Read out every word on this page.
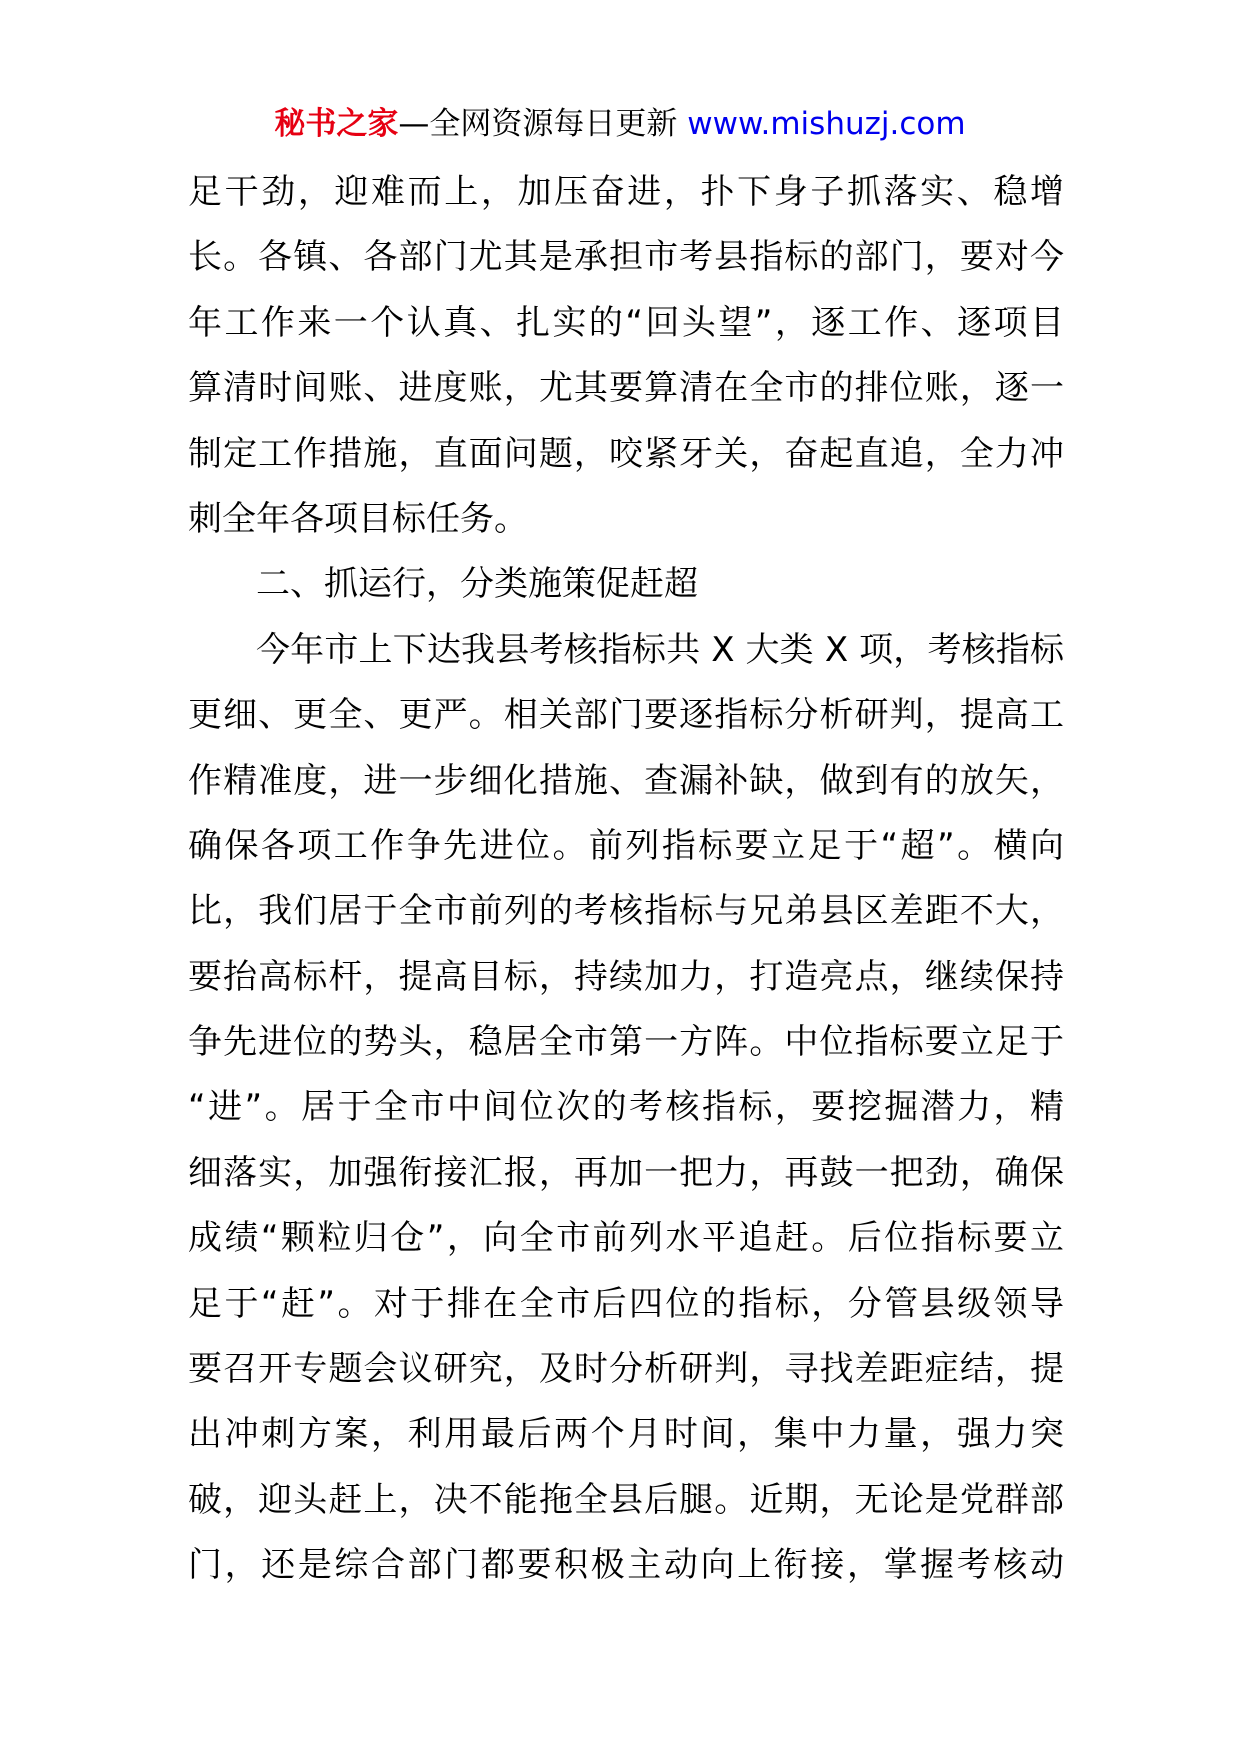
秘书之家—全网资源每日更新 www.mishuzj.com
足干劲，迎难而上，加压奋进，扑下身子抓落实、稳增
长。各镇、各部门尤其是承担市考县指标的部门，要对今
年工作来一个认真、扎实的“回头望”，逐工作、逐项目
算清时间账、进度账，尤其要算清在全市的排位账，逐一
制定工作措施，直面问题，咬紧牙关，奋起直追，全力冲
刺全年各项目标任务。
二、抓运行，分类施策促赶超
今年市上下达我县考核指标共 X 大类 X 项，考核指标
更细、更全、更严。相关部门要逐指标分析研判，提高工
作精准度，进一步细化措施、查漏补缺，做到有的放矢，
确保各项工作争先进位。前列指标要立足于“超”。横向
比，我们居于全市前列的考核指标与兄弟县区差距不大，
要抬高标杆，提高目标，持续加力，打造亮点，继续保持
争先进位的势头，稳居全市第一方阵。中位指标要立足于
“进”。居于全市中间位次的考核指标，要挖掘潜力，精
细落实，加强衔接汇报，再加一把力，再鼓一把劲，确保
成绩“颗粒归仓”，向全市前列水平追赶。后位指标要立
足于“赶”。对于排在全市后四位的指标，分管县级领导
要召开专题会议研究，及时分析研判，寻找差距症结，提
出冲刺方案，利用最后两个月时间，集中力量，强力突
破，迎头赶上，决不能拖全县后腿。近期，无论是党群部
门，还是综合部门都要积极主动向上衔接，掌握考核动
